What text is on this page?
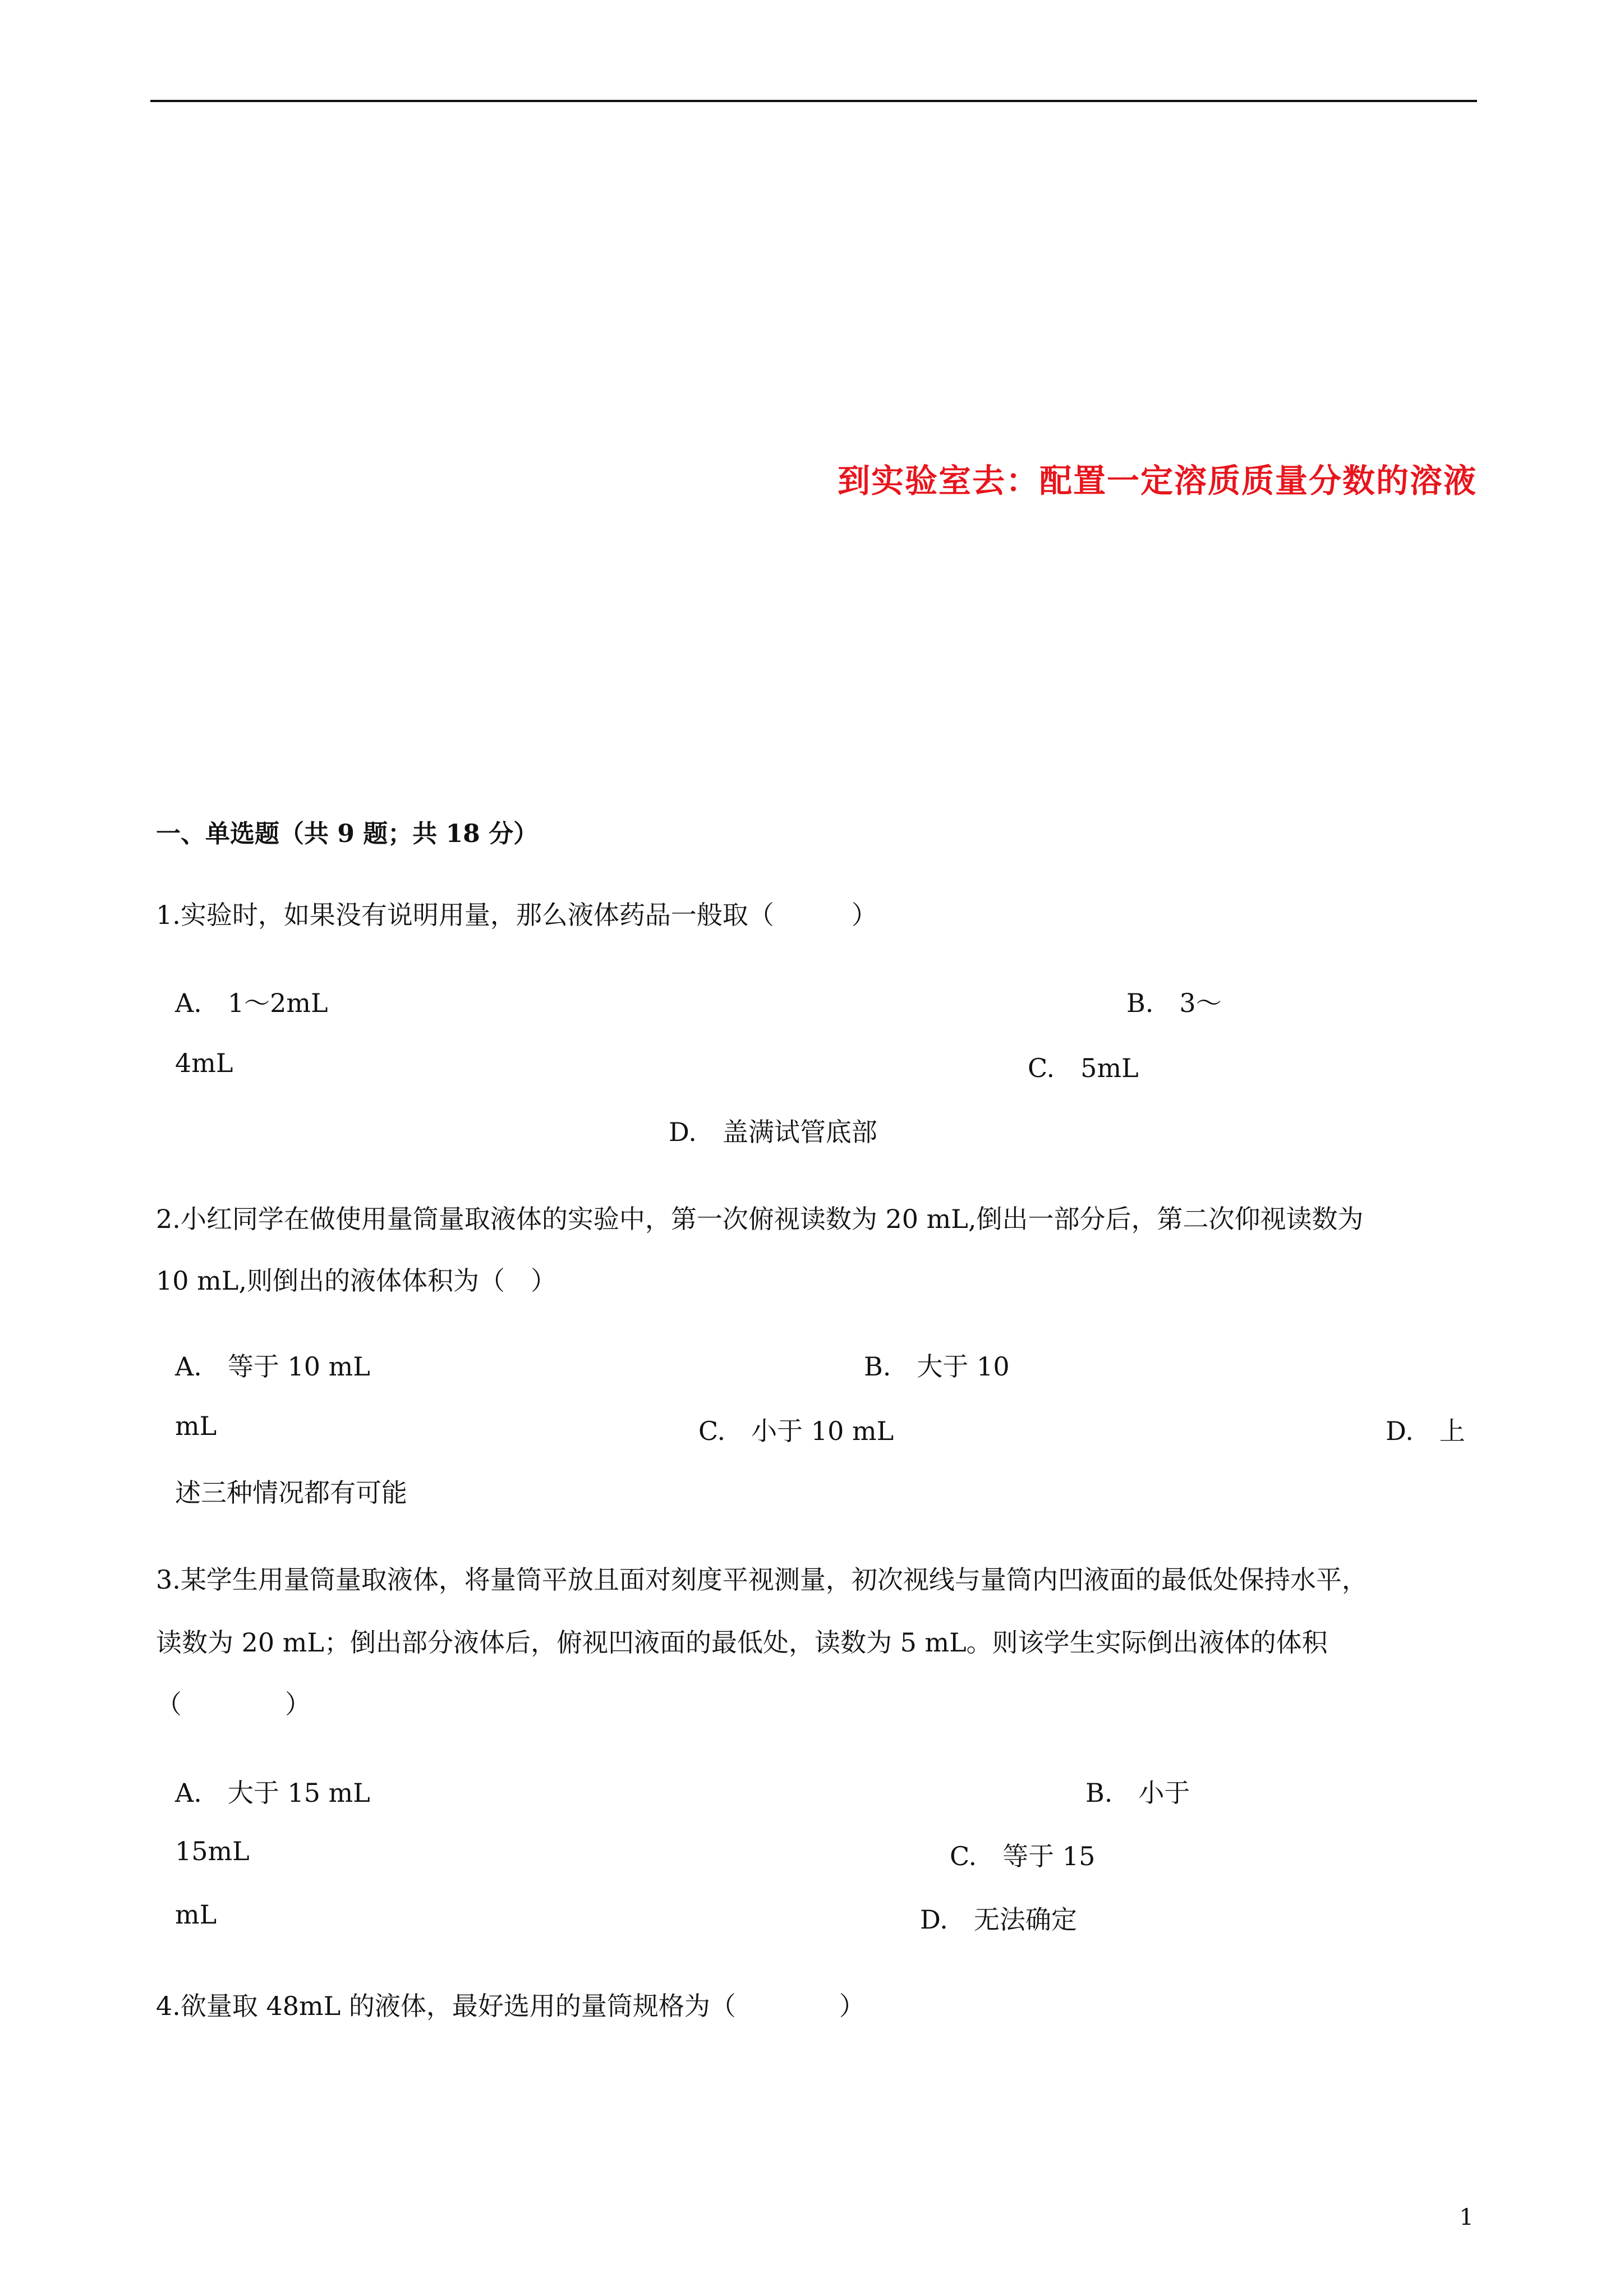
到实验室去：配置一定溶质质量分数的溶液
一、单选题（共 9 题；共 18 分）
1.实验时，如果没有说明用量，那么液体药品一般取（　　　）
A.　1～2mL	B.　3～
4mL	C.　5mL
D.　盖满试管底部
2.小红同学在做使用量筒量取液体的实验中，第一次俯视读数为 20 mL,倒出一部分后，第二次仰视读数为
10 mL,则倒出的液体体积为（　）
A.　等于 10 mL	B.　大于 10
mL	C.　小于 10 mL	D.　上
述三种情况都有可能
3.某学生用量筒量取液体，将量筒平放且面对刻度平视测量，初次视线与量筒内凹液面的最低处保持水平，
读数为 20 mL；倒出部分液体后，俯视凹液面的最低处，读数为 5 mL。则该学生实际倒出液体的体积
（　　　　）
A.　大于 15 mL	B.　小于
15mL	C.　等于 15
mL	D.　无法确定
4.欲量取 48mL 的液体，最好选用的量筒规格为（　　　　）
1
